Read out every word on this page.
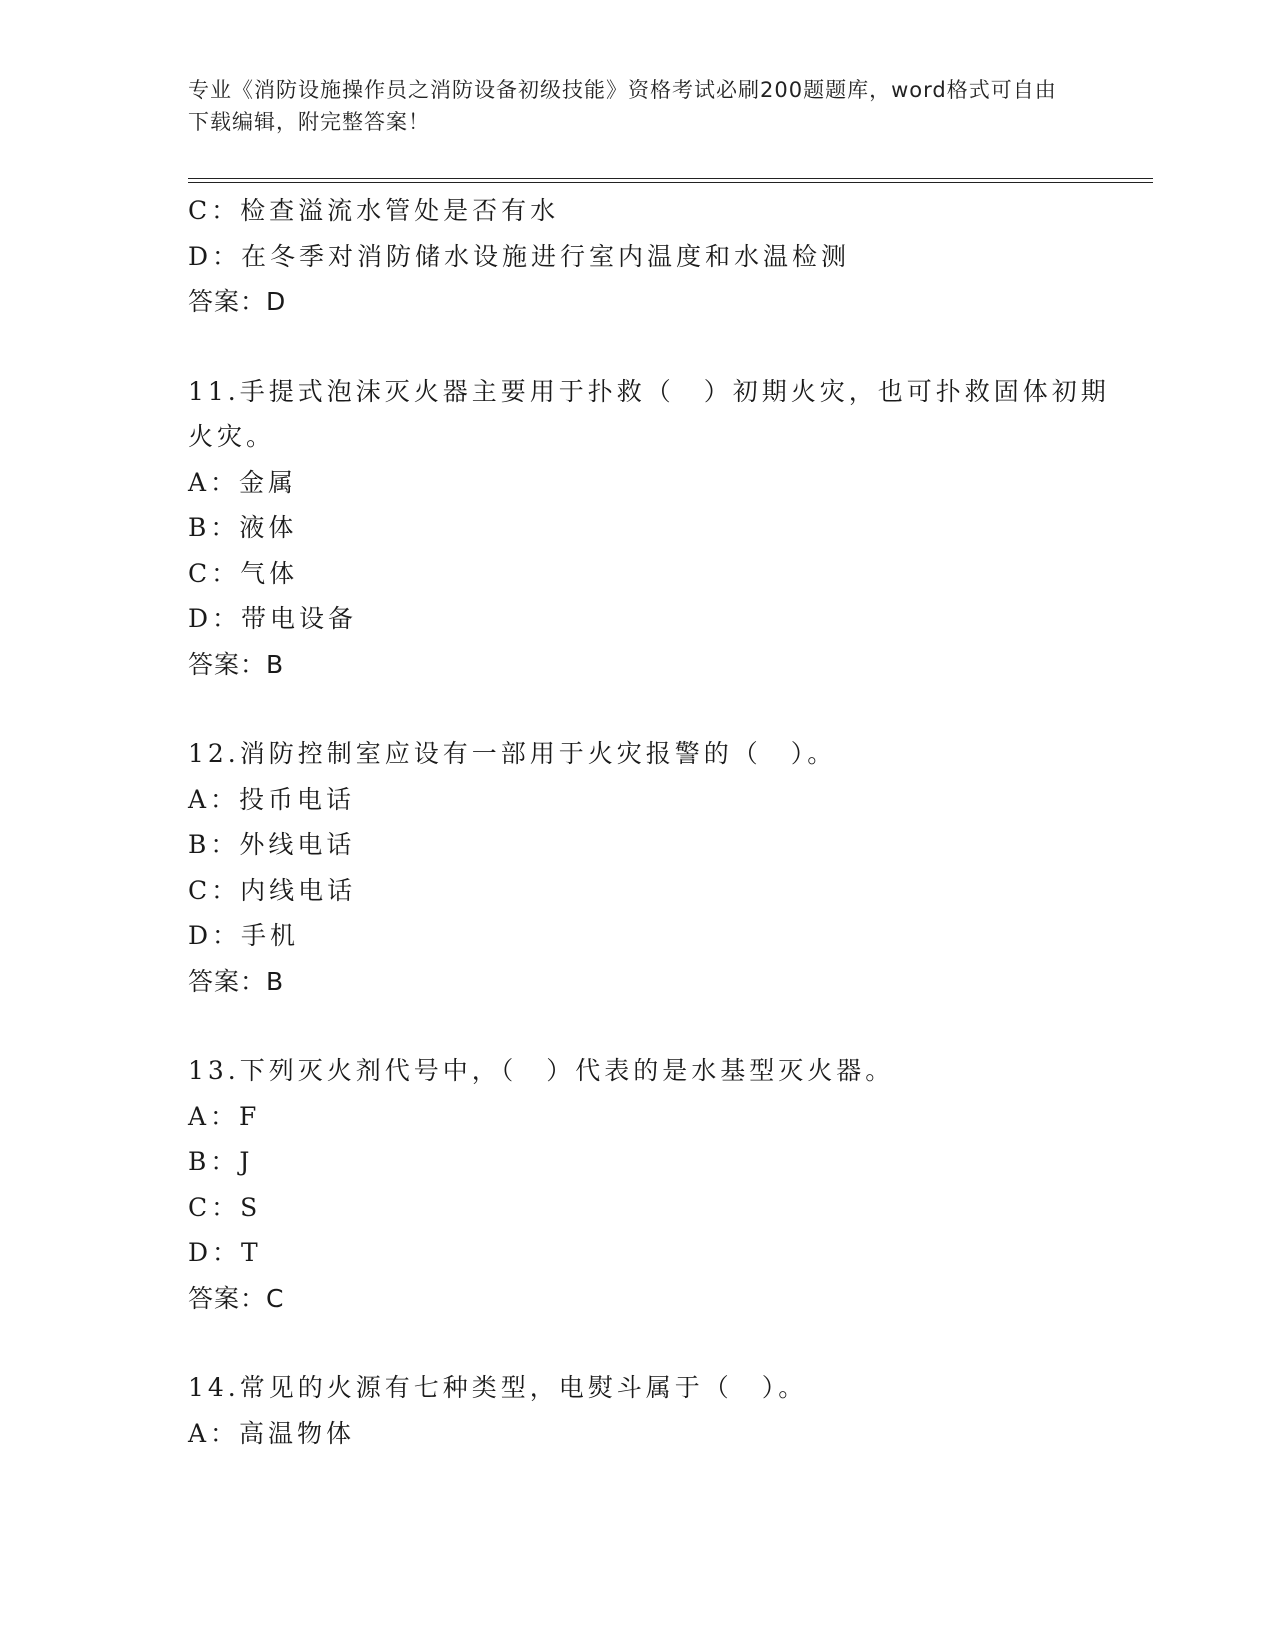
专业《消防设施操作员之消防设备初级技能》资格考试必刷200题题库，word格式可自由下载编辑，附完整答案！
C：检查溢流水管处是否有水
D：在冬季对消防储水设施进行室内温度和水温检测
答案：D
11.手提式泡沫灭火器主要用于扑救（　）初期火灾，也可扑救固体初期火灾。
A：金属
B：液体
C：气体
D：带电设备
答案：B
12.消防控制室应设有一部用于火灾报警的（　）。
A：投币电话
B：外线电话
C：内线电话
D：手机
答案：B
13.下列灭火剂代号中，（　）代表的是水基型灭火器。
A：F
B：J
C：S
D：T
答案：C
14.常见的火源有七种类型，电熨斗属于（　）。
A：高温物体
